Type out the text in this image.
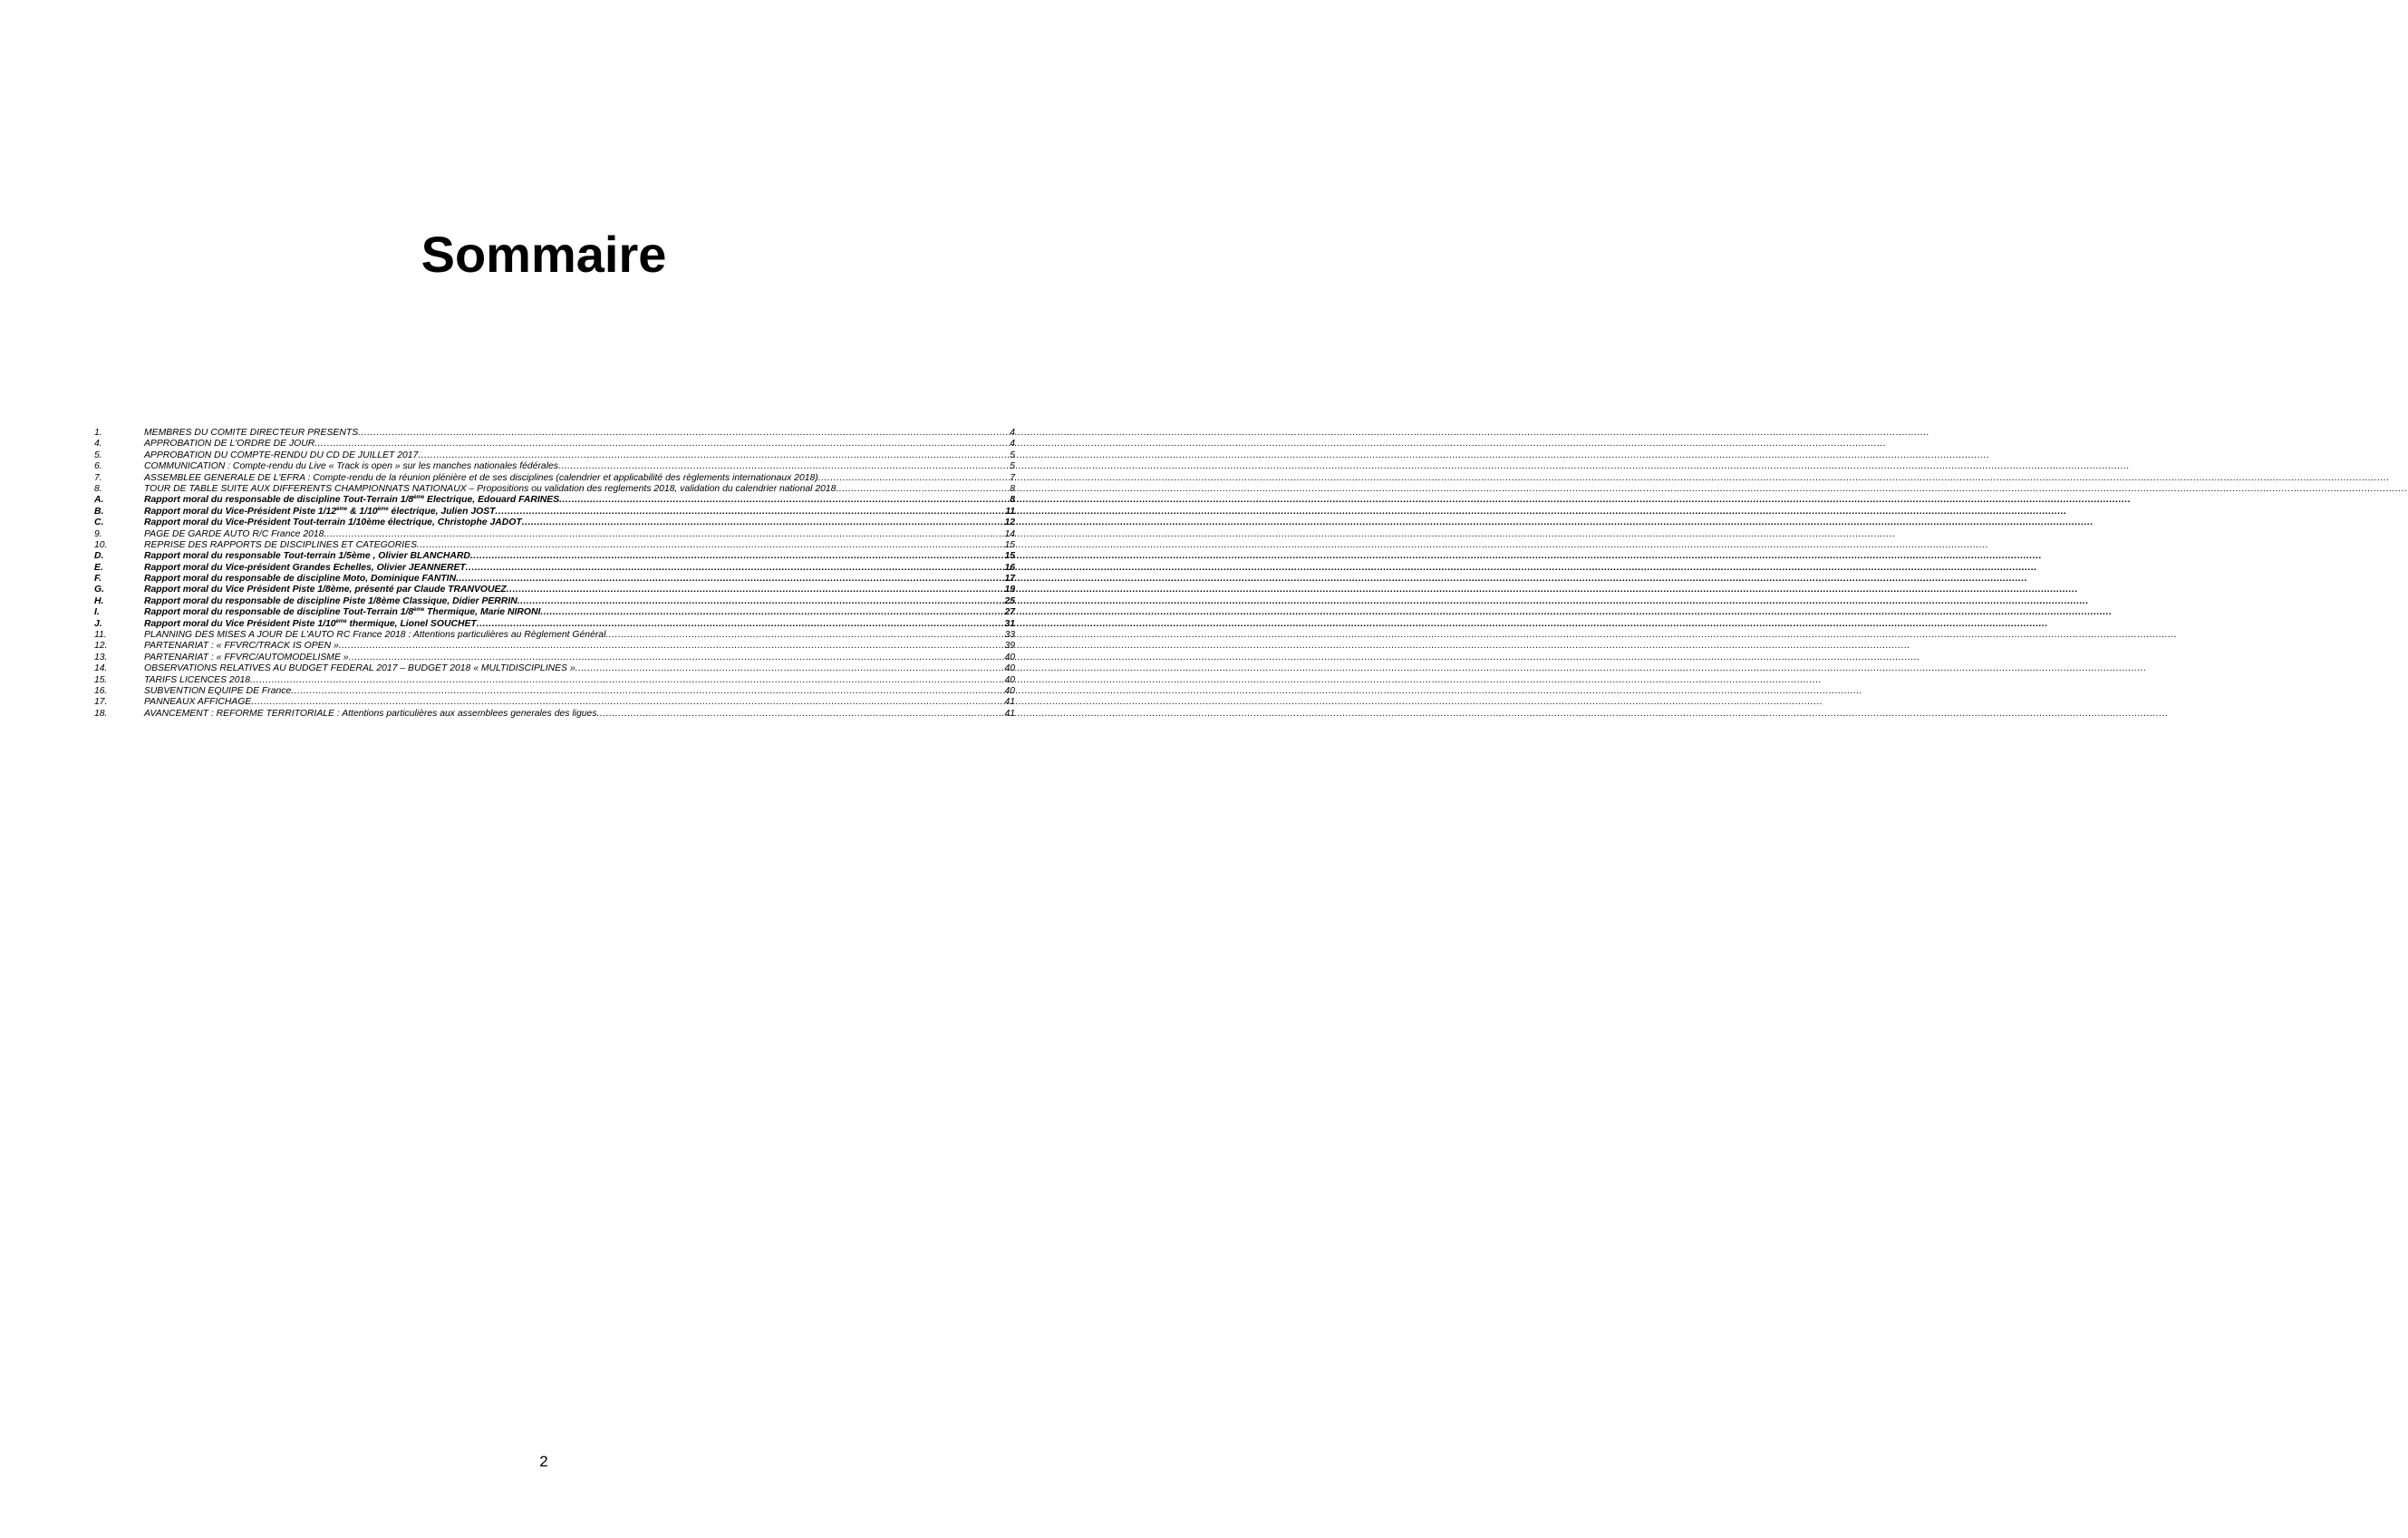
Sommaire
1.	MEMBRES DU COMITE DIRECTEUR PRESENTS .....	4
4.	APPROBATION DE L'ORDRE DE JOUR .....	4
5.	APPROBATION DU COMPTE-RENDU DU CD DE JUILLET 2017 .....	5
6.	COMMUNICATION : Compte-rendu du Live « Track is open » sur les manches nationales fédérales .....	5
7.	ASSEMBLEE GENERALE DE L'EFRA : Compte-rendu de la réunion plénière et de ses disciplines (calendrier et applicabilité des règlements internationaux 2018) .....	7
8.	TOUR DE TABLE SUITE AUX DIFFERENTS CHAMPIONNATS NATIONAUX – Propositions ou validation des reglements 2018, validation du calendrier national 2018 .....	8
A.	Rapport moral du responsable de discipline Tout-Terrain 1/8ème Electrique, Edouard FARINES .....	8
B.	Rapport moral du Vice-Président Piste 1/12ème & 1/10ème électrique, Julien JOST .....	11
C.	Rapport moral du Vice-Président Tout-terrain 1/10ème électrique, Christophe JADOT .....	12
9.	PAGE DE GARDE AUTO R/C France 2018 .....	14
10.	REPRISE DES RAPPORTS DE DISCIPLINES ET CATEGORIES .....	15
D.	Rapport moral du responsable Tout-terrain 1/5ème , Olivier BLANCHARD .....	15
E.	Rapport moral du Vice-président Grandes Echelles, Olivier JEANNERET .....	16
F.	Rapport moral du responsable de discipline Moto, Dominique FANTIN .....	17
G.	Rapport moral du Vice Président Piste 1/8ème, présenté par Claude TRANVOUEZ .....	19
H.	Rapport moral du responsable de discipline Piste 1/8ème Classique, Didier PERRIN .....	25
I.	Rapport moral du responsable de discipline Tout-Terrain 1/8ème Thermique, Marie NIRONI .....	27
J.	Rapport moral du Vice Président Piste 1/10ème thermique, Lionel SOUCHET .....	31
11.	PLANNING DES MISES A JOUR DE L'AUTO RC France 2018 : Attentions particulières au Règlement Général .....	33
12.	PARTENARIAT : « FFVRC/TRACK IS OPEN » .....	39
13.	PARTENARIAT : « FFVRC/AUTOMODELISME » .....	40
14.	OBSERVATIONS RELATIVES AU BUDGET FEDERAL 2017 – BUDGET 2018 « MULTIDISCIPLINES » .....	40
15.	TARIFS LICENCES 2018 .....	40
16.	SUBVENTION EQUIPE DE France .....	40
17.	PANNEAUX AFFICHAGE .....	41
18.	AVANCEMENT : REFORME TERRITORIALE : Attentions particulières aux assemblees generales des ligues .....	41
2
